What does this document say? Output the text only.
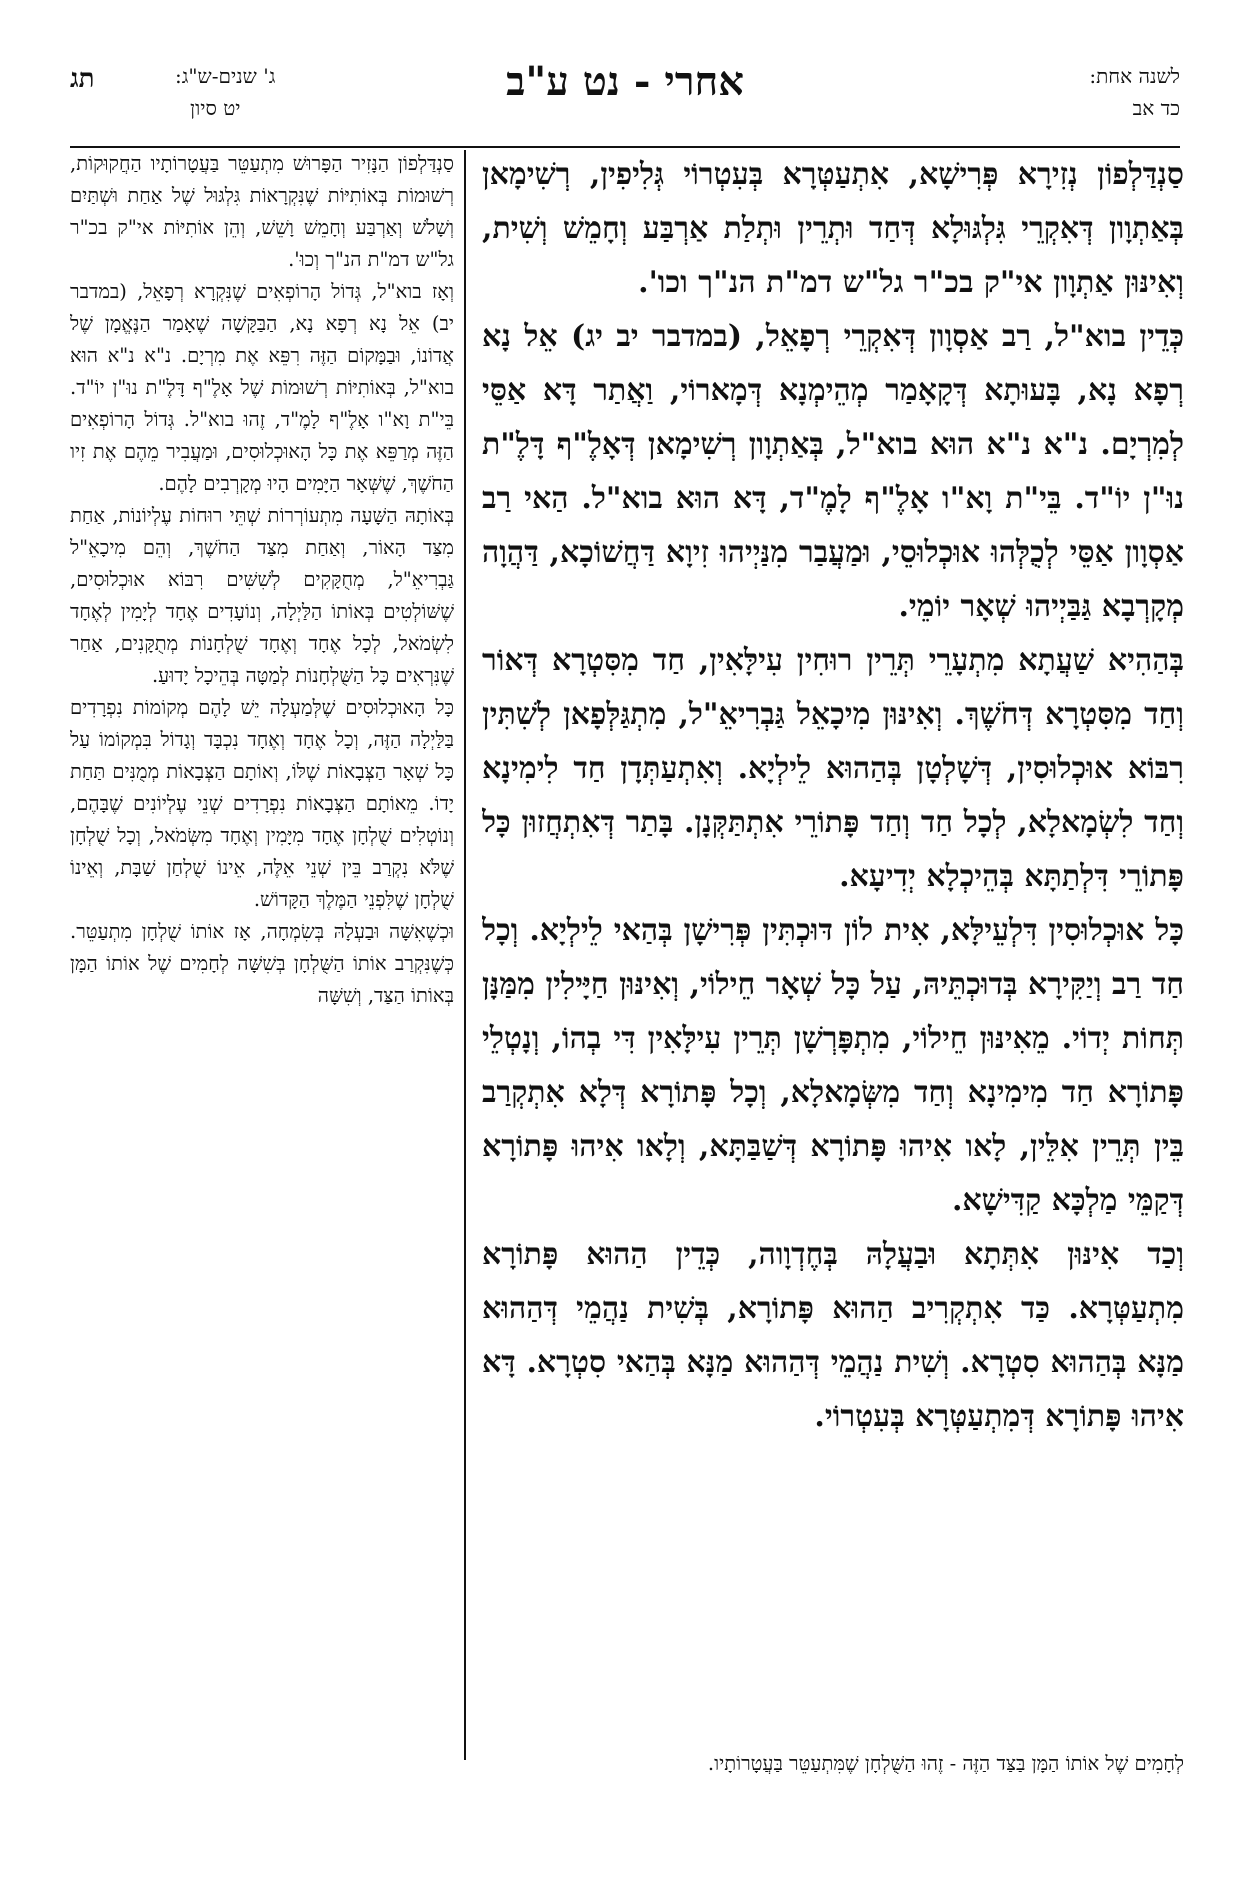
תג	ג' שנים-ש"ג:
יט סיון
אחרי - נט ע"ב	לשנה אחת:
כד אב

סַנְדַּלְפוֹן נְזִירָא פְּרִישָׁא, אִתְעַטְּרָא בְּעִטְרוֹי גְּלִיפִין, רְשִׁימָאן בְּאַתְוָון דְּאִקְרֵי גִּלְגּוּלָא דְּחַד וּתְרֵין וּתְלַת אַרְבַּע וְחָמֵשׁ וְשִׁית, וְאִינּוּן אַתְוָון אי"ק בכ"ר גל"ש דמ"ת הנ"ך וכו'.

כְּדֵין בוא"ל, רַב אַסְוָון דְּאִקְרֵי רְפָאֵל, (במדבר יב יג) אֵל נָא רְפָא נָא, בָּעוּתָא דְּקָאָמַר מְהֵימְנָא דְּמָארוֹי, וַאֲתַר דָּא אַסֵּי לְמִרְיָם. נ"א נ"א הוּא בוא"ל, בְּאַתְוָון רְשִׁימָאן דְּאָלֶ"ף דָּלֶ"ת נוּ"ן יוֹ"ד. בֵּי"ת וָא"ו אָלֶ"ף לָמֶ"ד, דָּא הוּא בוא"ל. הַאי רַב אַסְוָון אַסֵּי לְכֻלְּהוּ אוּכְלוּסֵי, וּמַעֲבַר מִנַּיְיהוּ זִיוָא דַּחֲשׁוֹכָא, דַּהֲוָה מְקָרְבָא גַּבַּיְיהוּ שְׁאָר יוֹמֵי.

בְּהַהִיא שַׁעֲתָא מִתְעָרֵי תְּרֵין רוּחִין עִילָּאִין, חַד מִסִּטְרָא דְּאוֹר וְחַד מִסִּטְרָא דְּחֹשֶׁךְ. וְאִינּוּן מִיכָאֵל גַּבְרִיאֵ"ל, מִתְגַּלְּפָאן לְשִׁתִּין רִבּוֹא אוּכְלוּסִין, דְּשָׁלְטָן בְּהַהוּא לֵילְיָא. וְאִתְעַתְּדָן חַד לִימִינָא וְחַד לִשְׂמָאלָא, לְכָל חַד וְחַד פָּתוֹרֵי אִתְתַּקְּנָן. בָּתַר דְּאִתְחֲזוּן כָּל פָּתוֹרֵי דִּלְתַתָּא בְּהֵיכְלָא יְדִיעָא.

כָּל אוּכְלוּסִין דִּלְעֵילָּא, אִית לוֹן דּוּכְתִּין פְּרִישָׁן בְּהַאי לֵילְיָא. וְכָל חַד רַב וְיַקִּירָא בְּדוּכְתֵּיהּ, עַל כָּל שְׁאָר חֵילוֹי, וְאִינּוּן חַיָּילִין מִמַּנָּן תְּחוֹת יְדוֹי. מֵאִינּוּן חֵילוֹי, מִתְפָּרְשָׁן תְּרֵין עִילָּאִין דִּי בְהוֹ, וְנָטְלֵי פָּתוֹרָא חַד מִימִינָא וְחַד מִשְּׂמָאלָא, וְכָל פָּתוֹרָא דְּלָא אִתְקְרַב בֵּין תְּרֵין אִלֵּין, לָאו אִיהוּ פָּתוֹרָא דְּשַׁבַּתָּא, וְלָאו אִיהוּ פָּתוֹרָא דְּקַמֵּי מַלְכָּא קַדִּישָׁא.

וְכַד אִינּוּן אִתְּתָא וּבַעֲלָהּ בְּחֶדְוָוה, כְּדֵין הַהוּא פָּתוֹרָא מִתְעַטְּרָא. כַּד אִתְקְרִיב הַהוּא פָּתוֹרָא, בְּשִׁית נַהֲמֵי דְּהַהוּא מַנָּא בְּהַהוּא סִטְרָא. וְשִׁית נַהֲמֵי דְּהַהוּא מַנָּא בְּהַאי סִטְרָא. דָּא אִיהוּ פָּתוֹרָא דְּמִתְעַטְּרָא בְּעִטְרוֹי.

סַנְדַּלְפוֹן הַנָּזִיר הַפָּרוּשׁ מִתְעַטֵּר בַּעֲטָרוֹתָיו הַחֲקוּקוֹת, רְשׁוּמוֹת בְּאוֹתִיּוֹת שֶׁנִּקְרָאוֹת גִּלְגּוּל שֶׁל אַחַת וּשְׁתַּיִם וְשָׁלֹשׁ וְאַרְבַּע וְחָמֵשׁ וָשֵׁשׁ, וְהֵן אוֹתִיּוֹת אי"ק בכ"ר גל"ש דמ"ת הנ"ך וְכוּ'.

וְאָז בוא"ל, גְּדוֹל הָרוֹפְאִים שֶׁנִּקְרָא רְפָאֵל, (במדבר יב) אֵל נָא רְפָא נָא, הַבַּקָּשָׁה שֶׁאָמַר הַנֶּאֱמָן שֶׁל אֲדוֹנוֹ, וּבַמָּקוֹם הַזֶּה רִפֵּא אֶת מִרְיָם. נ"א נ"א הוּא בוא"ל, בְּאוֹתִיּוֹת רְשׁוּמוֹת שֶׁל אָלֶ"ף דָּלֶ"ת נוּ"ן יוֹ"ד. בֵּי"ת וָא"ו אָלֶ"ף לָמֶ"ד, זֶהוּ בוא"ל. גְּדוֹל הָרוֹפְאִים הַזֶּה מְרַפֵּא אֶת כָּל הָאוּכְלוּסִים, וּמַעֲבִיר מֵהֶם אֶת זִיו הַחֹשֶׁךְ, שֶׁשְּׁאָר הַיָּמִים הָיוּ מְקָרְבִים לָהֶם.

בְּאוֹתָהּ הַשָּׁעָה מִתְעוֹרְרוֹת שְׁתֵּי רוּחוֹת עֶלְיוֹנוֹת, אַחַת מִצַּד הָאוֹר, וְאַחַת מִצַּד הַחֹשֶׁךְ, וְהֵם מִיכָאֵ"ל גַּבְרִיאֵ"ל, מְחֻקָּקִים לְשִׁשִּׁים רִבּוֹא אוּכְלוּסִים, שֶׁשּׁוֹלְטִים בְּאוֹתוֹ הַלַּיְלָה, וְנוֹעָדִים אֶחָד לְיָמִין לְאֶחָד לִשְׂמֹאל, לְכָל אֶחָד וְאֶחָד שֻׁלְחָנוֹת מְתֻקָּנִים, אַחַר שֶׁנִּרְאִים כָּל הַשֻּׁלְחָנוֹת לְמַטָּה בְּהֵיכָל יָדוּעַ.

כָּל הָאוּכְלוּסִים שֶׁלְּמַעְלָה יֵשׁ לָהֶם מְקוֹמוֹת נִפְרָדִים בַּלַּיְלָה הַזֶּה, וְכָל אֶחָד וְאֶחָד נִכְבָּד וְגָדוֹל בִּמְקוֹמוֹ עַל כָּל שְׁאָר הַצְּבָאוֹת שֶׁלּוֹ, וְאוֹתָם הַצְּבָאוֹת מְמֻנִּים תַּחַת יָדוֹ. מֵאוֹתָם הַצְּבָאוֹת נִפְרָדִים שְׁנֵי עֶלְיוֹנִים שֶׁבָּהֶם, וְנוֹטְלִים שֻׁלְחָן אֶחָד מִיָּמִין וְאֶחָד מִשְּׂמֹאל, וְכָל שֻׁלְחָן שֶׁלֹּא נִקְרַב בֵּין שְׁנֵי אֵלֶּה, אֵינוֹ שֻׁלְחַן שַׁבָּת, וְאֵינוֹ שֻׁלְחָן שֶׁלִּפְנֵי הַמֶּלֶךְ הַקָּדוֹשׁ.

וּכְשֶׁאִשָּׁה וּבַעְלָהּ בְּשִׂמְחָה, אָז אוֹתוֹ שֻׁלְחָן מִתְעַטֵּר. כְּשֶׁנִּקְרַב אוֹתוֹ הַשֻּׁלְחָן בְּשִׁשָּׁה לְחָמִים שֶׁל אוֹתוֹ הַמָּן בְּאוֹתוֹ הַצַּד, וְשִׁשָּׁה

לְחָמִים שֶׁל אוֹתוֹ הַמָּן בַּצַּד הַזֶּה - זֶהוּ הַשֻּׁלְחָן שֶׁמִּתְעַטֵּר בַּעֲטָרוֹתָיו.
